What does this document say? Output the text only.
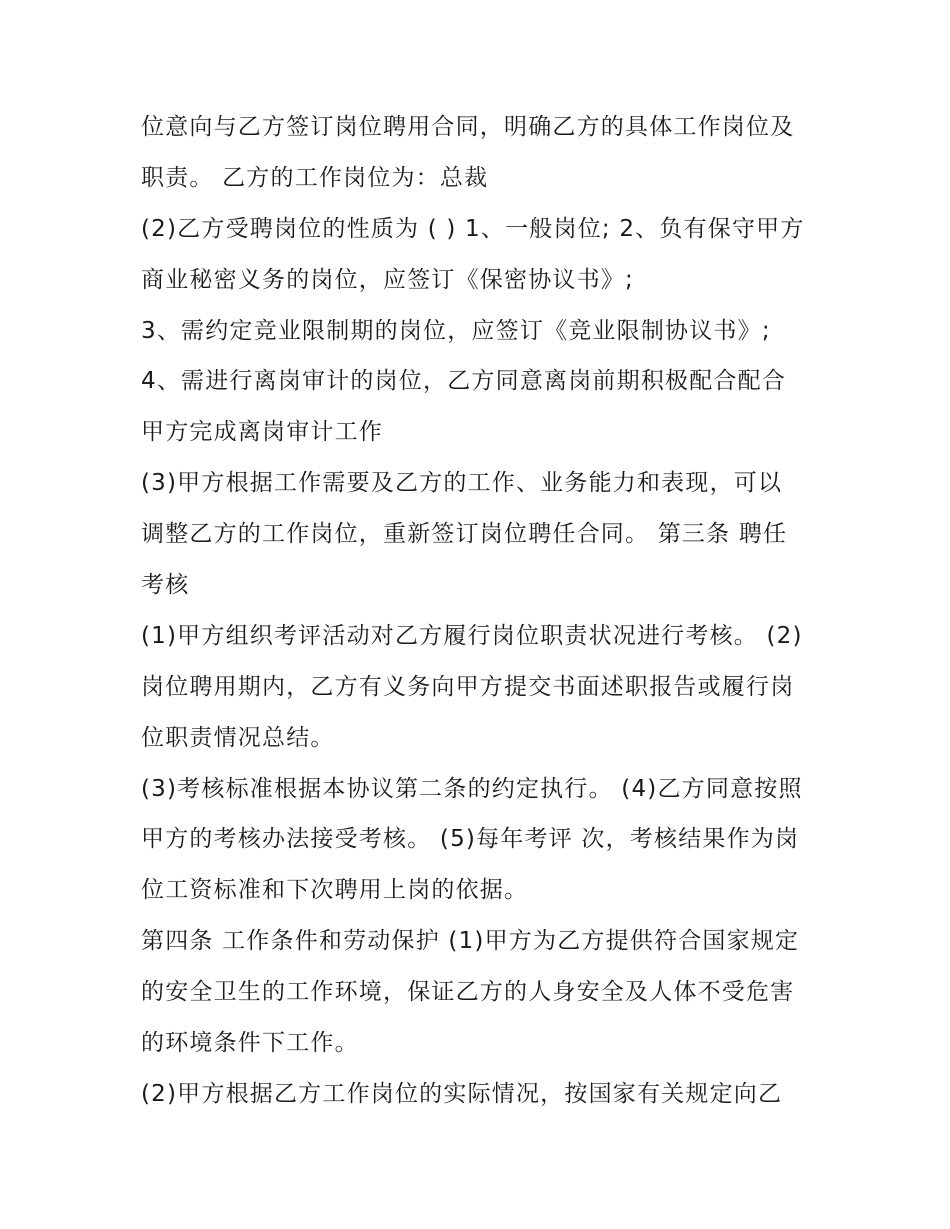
位意向与乙方签订岗位聘用合同，明确乙方的具体工作岗位及
职责。 乙方的工作岗位为：总裁
(2)乙方受聘岗位的性质为 ( ) 1、一般岗位; 2、负有保守甲方
商业秘密义务的岗位，应签订《保密协议书》;
3、需约定竞业限制期的岗位，应签订《竞业限制协议书》;
4、需进行离岗审计的岗位，乙方同意离岗前期积极配合配合
甲方完成离岗审计工作
(3)甲方根据工作需要及乙方的工作、业务能力和表现，可以
调整乙方的工作岗位，重新签订岗位聘任合同。 第三条 聘任
考核
(1)甲方组织考评活动对乙方履行岗位职责状况进行考核。 (2)
岗位聘用期内，乙方有义务向甲方提交书面述职报告或履行岗
位职责情况总结。
(3)考核标准根据本协议第二条的约定执行。 (4)乙方同意按照
甲方的考核办法接受考核。 (5)每年考评 次，考核结果作为岗
位工资标准和下次聘用上岗的依据。
第四条 工作条件和劳动保护 (1)甲方为乙方提供符合国家规定
的安全卫生的工作环境，保证乙方的人身安全及人体不受危害
的环境条件下工作。
(2)甲方根据乙方工作岗位的实际情况，按国家有关规定向乙
